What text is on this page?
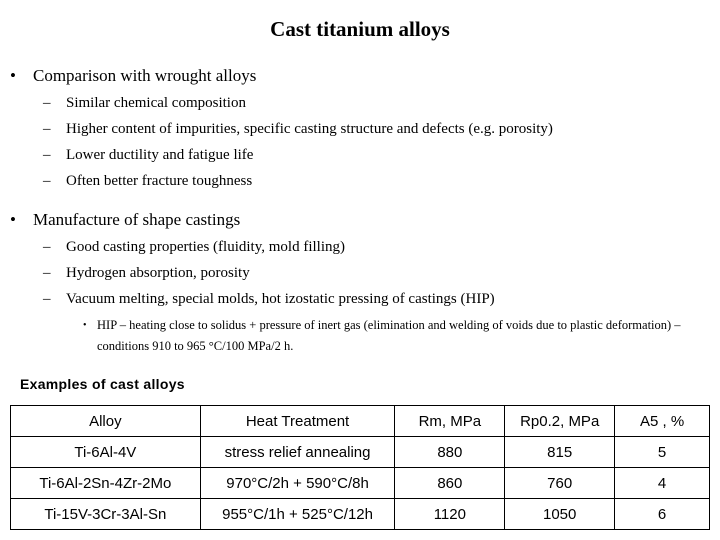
Cast titanium alloys
• Comparison with wrought alloys
– Similar chemical composition
– Higher content of impurities, specific casting structure and defects (e.g. porosity)
– Lower ductility and fatigue life
– Often better fracture toughness
• Manufacture of shape castings
– Good casting properties (fluidity, mold filling)
– Hydrogen absorption, porosity
– Vacuum melting, special molds, hot izostatic pressing of castings (HIP)
• HIP – heating close to solidus + pressure of inert gas (elimination and welding of voids due to plastic deformation) – conditions 910 to 965 °C/100 MPa/2 h.
Examples of cast alloys
Alloy	Heat Treatment	Rm, MPa	Rp0.2, MPa	A5 , %
Ti-6Al-4V	stress relief annealing	880	815	5
Ti-6Al-2Sn-4Zr-2Mo	970°C/2h + 590°C/8h	860	760	4
Ti-15V-3Cr-3Al-Sn	955°C/1h + 525°C/12h	1120	1050	6
